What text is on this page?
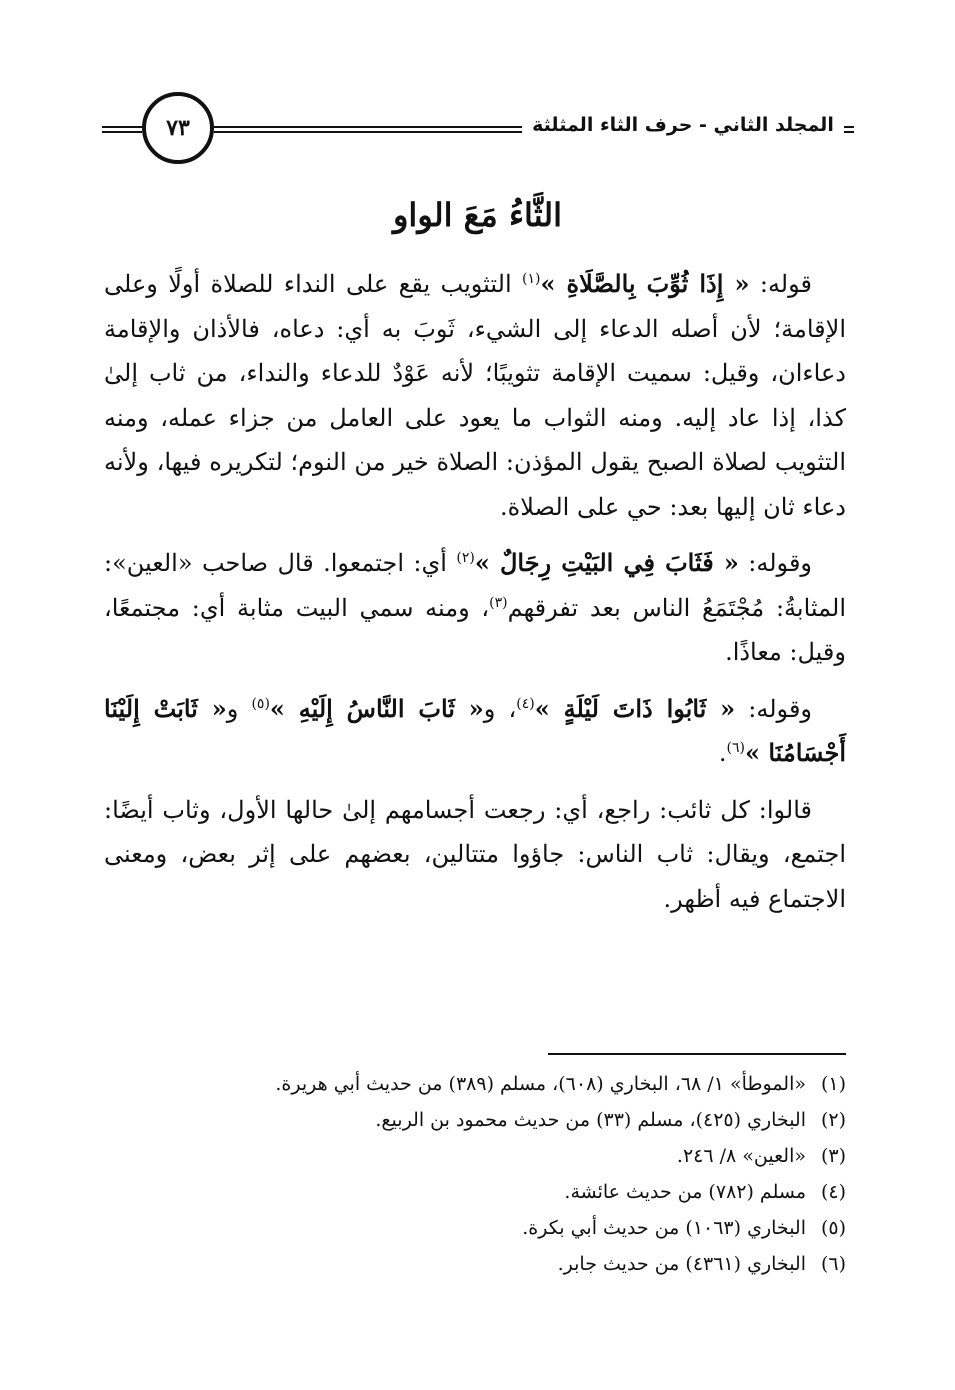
٧٣	المجلد الثاني - حرف الثاء المثلثة
الثَّاءُ مَعَ الواو

قوله: « إِذَا ثُوِّبَ بِالصَّلَاةِ »$^{(١)}$ التثويب يقع على النداء للصلاة أولًا وعلى الإقامة؛ لأن أصله الدعاء إلى الشيء، ثَوبَ به أي: دعاه، فالأذان والإقامة دعاءان، وقيل: سميت الإقامة تثويبًا؛ لأنه عَوْدٌ للدعاء والنداء، من ثاب إلىٰ كذا، إذا عاد إليه. ومنه الثواب ما يعود على العامل من جزاء عمله، ومنه التثويب لصلاة الصبح يقول المؤذن: الصلاة خير من النوم؛ لتكريره فيها، ولأنه دعاء ثان إليها بعد: حي على الصلاة.

وقوله: « فَثَابَ فِي البَيْتِ رِجَالٌ »$^{(٢)}$ أي: اجتمعوا. قال صاحب «العين»: المثابةُ: مُجْتَمَعُ الناس بعد تفرقهم$^{(٣)}$، ومنه سمي البيت مثابة أي: مجتمعًا، وقيل: معاذًا.

وقوله: « ثَابُوا ذَاتَ لَيْلَةٍ »$^{(٤)}$، و« ثَابَ النَّاسُ إِلَيْهِ »$^{(٥)}$ و« ثَابَتْ إِلَيْنَا أَجْسَامُنَا »$^{(٦)}$.

قالوا: كل ثائب: راجع، أي: رجعت أجسامهم إلىٰ حالها الأول، وثاب أيضًا: اجتمع، ويقال: ثاب الناس: جاؤوا متتالين، بعضهم على إثر بعض، ومعنى الاجتماع فيه أظهر.

(١)«الموطأ» ١/ ٦٨، البخاري (٦٠٨)، مسلم (٣٨٩) من حديث أبي هريرة.
(٢)البخاري (٤٢٥)، مسلم (٣٣) من حديث محمود بن الربيع.
(٣)«العين» ٨/ ٢٤٦.
(٤)مسلم (٧٨٢) من حديث عائشة.
(٥)البخاري (١٠٦٣) من حديث أبي بكرة.
(٦)البخاري (٤٣٦١) من حديث جابر.
